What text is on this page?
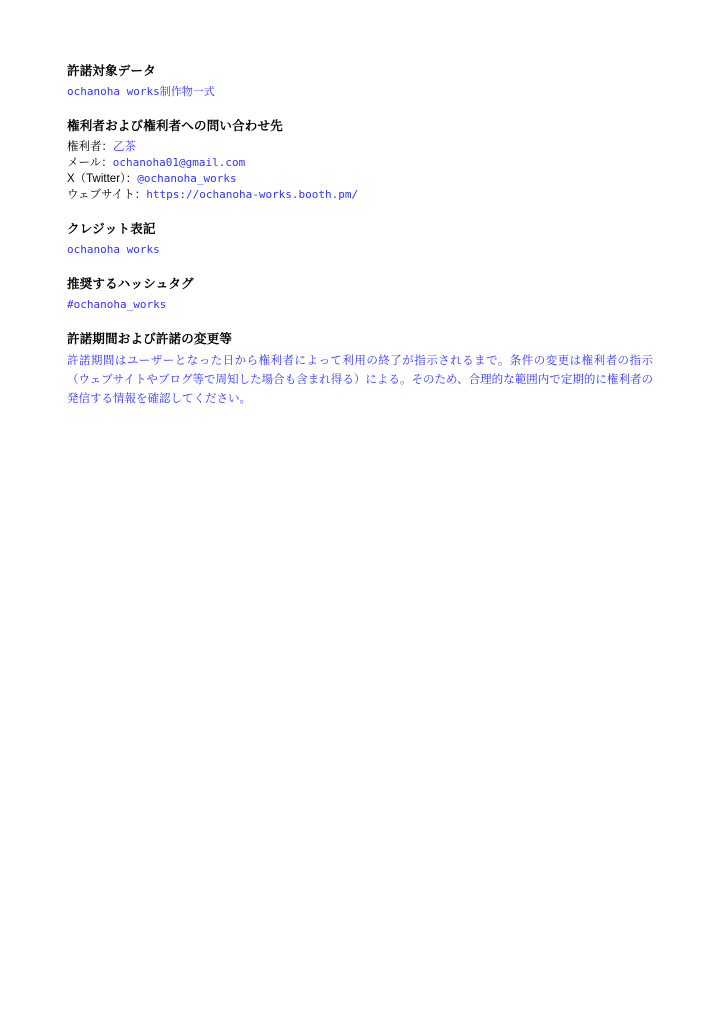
許諾対象データ
ochanoha works制作物一式
権利者および権利者への問い合わせ先
権利者：乙茶
メール：ochanoha01@gmail.com
X（Twitter）：@ochanoha_works
ウェブサイト：https://ochanoha-works.booth.pm/
クレジット表記
ochanoha works
推奨するハッシュタグ
#ochanoha_works
許諾期間および許諾の変更等
許諾期間はユーザーとなった日から権利者によって利用の終了が指示されるまで。条件の変更は権利者の指示（ウェブサイトやブログ等で周知した場合も含まれ得る）による。そのため、合理的な範囲内で定期的に権利者の発信する情報を確認してください。
